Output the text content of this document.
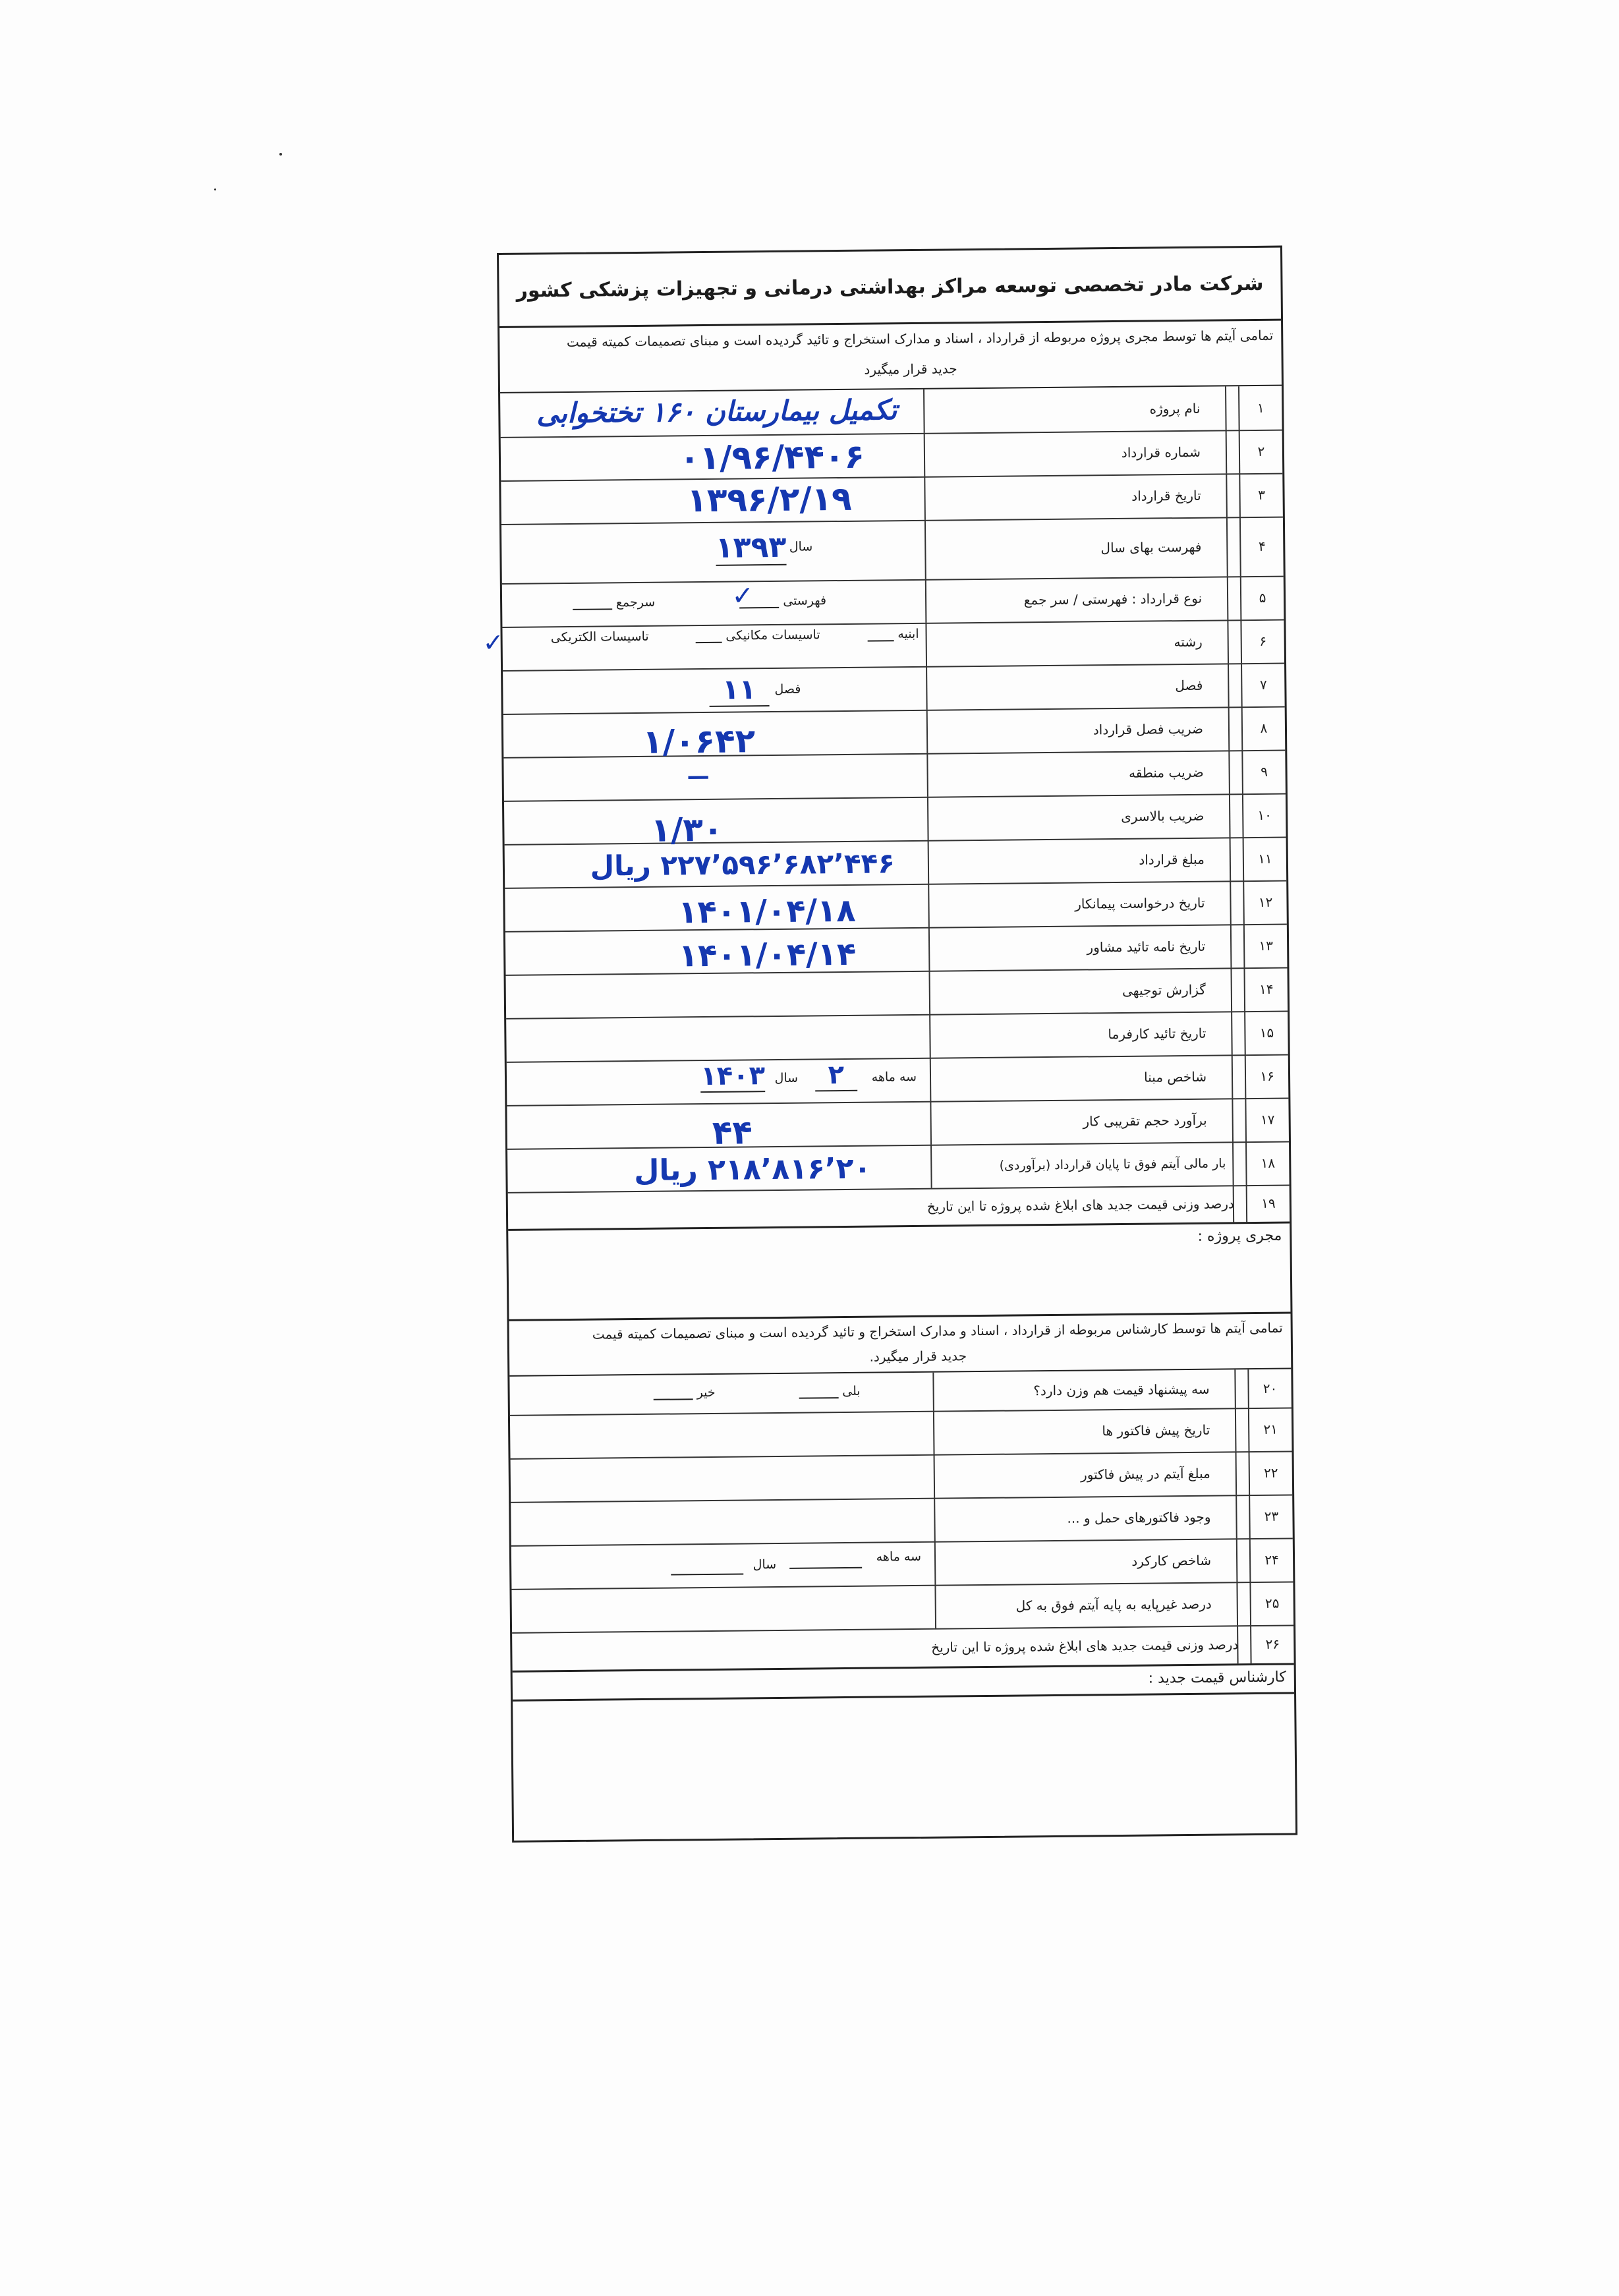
شرکت مادر تخصصی توسعه مراکز بهداشتی درمانی و تجهیزات پزشکی کشور
تمامی آیتم ها توسط مجری پروژه مربوطه از قرارداد ، اسناد و مدارک استخراج و تائید گردیده است و مبنای تصمیمات کمیته قیمت
جدید قرار میگیرد
۱
نام پروژه
تکمیل بیمارستان ۱۶۰ تختخوابی
۲
شماره قرارداد
۰۱/۹۶/۴۴۰۶
۳
تاریخ قرارداد
۱۳۹۶/۲/۱۹
۴
فهرست بهای سال
سال
۱۳۹۳
۵
نوع قرارداد : فهرستی / سر جمع
فهرستی
سرجمع	✓
۶
رشته
ابنیه
تاسیسات مکانیکی
تاسیسات الکتریکی
✓
۷
فصل
فصل
۱۱
۸
ضریب فصل قرارداد
۱/۰۶۴۲
۹
ضریب منطقه
—
۱۰
ضریب بالاسری
۱/۳۰
۱۱
مبلغ قرارداد
۲۲۷٬۵۹۶٬۶۸۲٬۴۴۶ ریال
۱۲
تاریخ درخواست پیمانکار
۱۴۰۱/۰۴/۱۸
۱۳
تاریخ نامه تائید مشاور
۱۴۰۱/۰۴/۱۴
۱۴
گزارش توجیهی
۱۵
تاریخ تائید کارفرما
۱۶
شاخص مبنا
سه ماهه
۲
سال
۱۴۰۳
۱۷
برآورد حجم تقریبی کار
۴۴
۱۸
بار مالی آیتم فوق تا پایان قرارداد (برآوردی)
۲۱۸٬۸۱۶٬۲۰ ریال
۱۹
درصد وزنی قیمت جدید های ابلاغ شده پروژه تا این تاریخ
مجری پروژه :
تمامی آیتم ها توسط کارشناس مربوطه از قرارداد ، اسناد و مدارک استخراج و تائید گردیده است و مبنای تصمیمات کمیته قیمت
جدید قرار میگیرد.
۲۰
سه پیشنهاد قیمت هم وزن دارد؟
بلی
خیر
۲۱
تاریخ پیش فاکتور ها
۲۲
مبلغ آیتم در پیش فاکتور
۲۳
وجود فاکتورهای حمل و ...
۲۴
شاخص کارکرد
سه ماهه
سال
۲۵
درصد غیرپایه به پایه آیتم فوق به کل
۲۶
درصد وزنی قیمت جدید های ابلاغ شده پروژه تا این تاریخ
کارشناس قیمت جدید :
